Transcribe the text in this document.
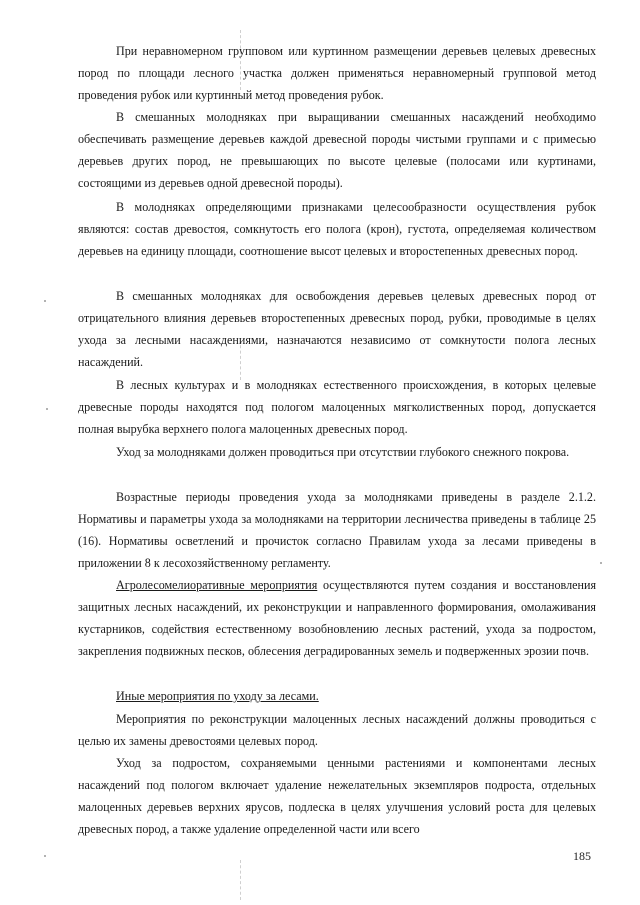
При неравномерном групповом или куртинном размещении деревьев целевых древесных пород по площади лесного участка должен применяться неравномерный групповой метод проведения рубок или куртинный метод проведения рубок.

В смешанных молодняках при выращивании смешанных насаждений необходимо обеспечивать размещение деревьев каждой древесной породы чистыми группами и с примесью деревьев других пород, не превышающих по высоте целевые (полосами или куртинами, состоящими из деревьев одной древесной породы).

В молодняках определяющими признаками целесообразности осуществления рубок являются: состав древостоя, сомкнутость его полога (крон), густота, определяемая количеством деревьев на единицу площади, соотношение высот целевых и второстепенных древесных пород.

В смешанных молодняках для освобождения деревьев целевых древесных пород от отрицательного влияния деревьев второстепенных древесных пород, рубки, проводимые в целях ухода за лесными насаждениями, назначаются независимо от сомкнутости полога лесных насаждений.

В лесных культурах и в молодняках естественного происхождения, в которых целевые древесные породы находятся под пологом малоценных мягколиственных пород, допускается полная вырубка верхнего полога малоценных древесных пород.

Уход за молодняками должен проводиться при отсутствии глубокого снежного покрова.

Возрастные периоды проведения ухода за молодняками приведены в разделе 2.1.2. Нормативы и параметры ухода за молодняками на территории лесничества приведены в таблице 25 (16). Нормативы осветлений и прочисток согласно Правилам ухода за лесами приведены в приложении 8 к лесохозяйственному регламенту.

Агролесомелиоративные мероприятия осуществляются путем создания и восстановления защитных лесных насаждений, их реконструкции и направленного формирования, омолаживания кустарников, содействия естественному возобновлению лесных растений, ухода за подростом, закрепления подвижных песков, облесения деградированных земель и подверженных эрозии почв.

Иные мероприятия по уходу за лесами.

Мероприятия по реконструкции малоценных лесных насаждений должны проводиться с целью их замены древостоями целевых пород.

Уход за подростом, сохраняемыми ценными растениями и компонентами лесных насаждений под пологом включает удаление нежелательных экземпляров подроста, отдельных малоценных деревьев верхних ярусов, подлеска в целях улучшения условий роста для целевых древесных пород, а также удаление определенной части или всего

185
